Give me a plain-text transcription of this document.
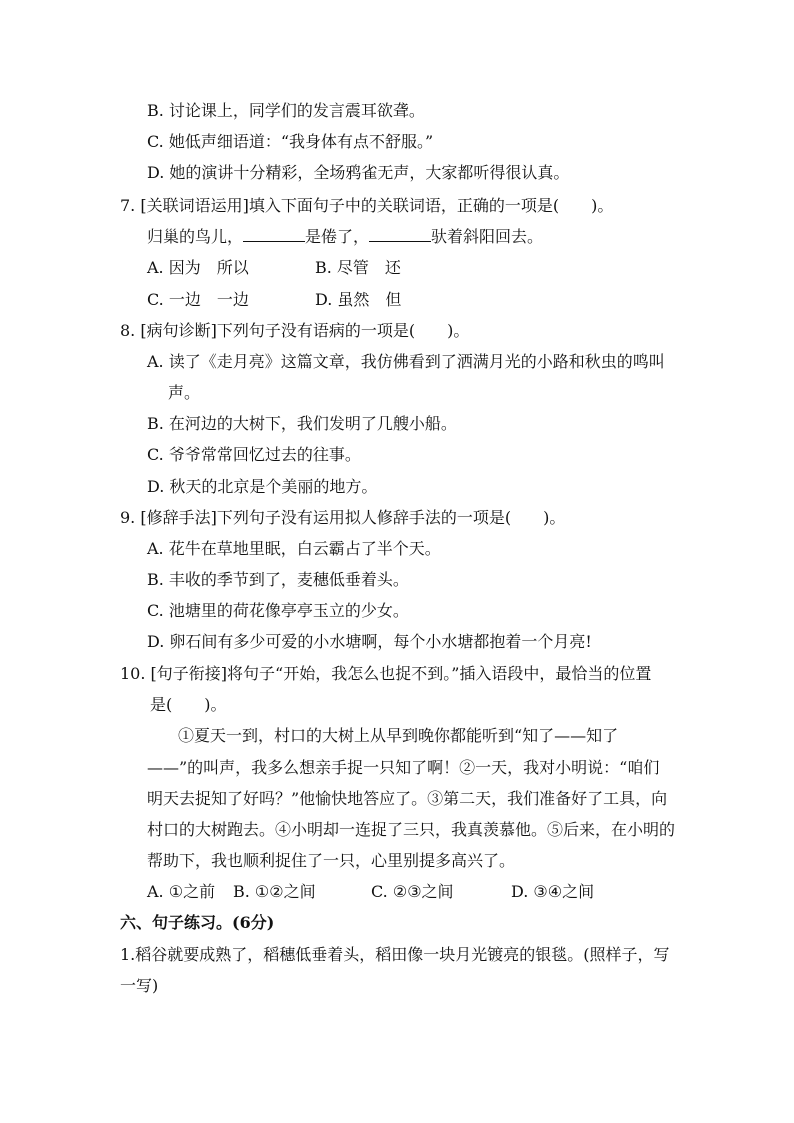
B. 讨论课上，同学们的发言震耳欲聋。
C. 她低声细语道：“我身体有点不舒服。”
D. 她的演讲十分精彩，全场鸦雀无声，大家都听得很认真。
7. [关联词语运用]填入下面句子中的关联词语，正确的一项是(　　)。
归巢的鸟儿，	是倦了，	驮着斜阳回去。
A. 因为　所以	B. 尽管　还
C. 一边　一边	D. 虽然　但
8. [病句诊断]下列句子没有语病的一项是(　　)。
A. 读了《走月亮》这篇文章，我仿佛看到了洒满月光的小路和秋虫的鸣叫
声。
B. 在河边的大树下，我们发明了几艘小船。
C. 爷爷常常回忆过去的往事。
D. 秋天的北京是个美丽的地方。
9. [修辞手法]下列句子没有运用拟人修辞手法的一项是(　　)。
A. 花牛在草地里眠，白云霸占了半个天。
B. 丰收的季节到了，麦穗低垂着头。
C. 池塘里的荷花像亭亭玉立的少女。
D. 卵石间有多少可爱的小水塘啊，每个小水塘都抱着一个月亮!
10. [句子衔接]将句子“开始，我怎么也捉不到。”插入语段中，最恰当的位置
是(　　)。
①夏天一到，村口的大树上从早到晚你都能听到“知了——知了
——”的叫声，我多么想亲手捉一只知了啊！②一天，我对小明说：“咱们
明天去捉知了好吗？”他愉快地答应了。③第二天，我们准备好了工具，向
村口的大树跑去。④小明却一连捉了三只，我真羡慕他。⑤后来，在小明的
帮助下，我也顺利捉住了一只，心里别提多高兴了。
A. ①之前 B. ①②之间	C. ②③之间	D. ③④之间
六、句子练习。(6分)
1.稻谷就要成熟了，稻穗低垂着头，稻田像一块月光镀亮的银毯。(照样子，写
一写)
